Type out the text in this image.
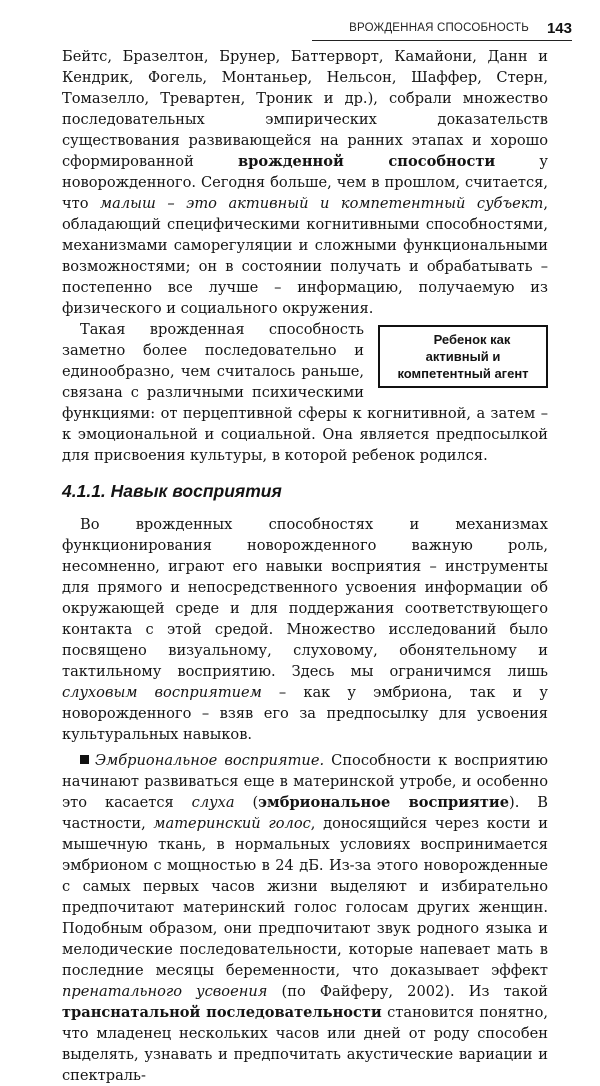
ВРОЖДЕННАЯ СПОСОБНОСТЬ 143

Бейтс, Бразелтон, Брунер, Баттерворт, Камайони, Данн и Кендрик, Фогель, Монтаньер, Нельсон, Шаффер, Стерн, Томазелло, Тревартен, Троник и др.), собрали множество последовательных эмпирических доказательств существования развивающейся на ранних этапах и хорошо сформированной врожденной способности у новорожденного. Сегодня больше, чем в прошлом, считается, что малыш – это активный и компетентный субъект, обладающий специфическими когнитивными способностями, механизмами саморегуляции и сложными функциональными возможностями; он в состоянии получать и обрабатывать – постепенно все лучше – информацию, получаемую из физического и социального окружения.

Ребенок как активный и компетентный агент
Такая врожденная способность заметно более последовательно и единообразно, чем считалось раньше, связана с различными психическими функциями: от перцептивной сферы к когнитивной, а затем – к эмоциональной и социальной. Она является предпосылкой для присвоения культуры, в которой ребенок родился.

4.1.1. Навык восприятия

Во врожденных способностях и механизмах функционирования новорожденного важную роль, несомненно, играют его навыки восприятия – инструменты для прямого и непосредственного усвоения информации об окружающей среде и для поддержания соответствующего контакта с этой средой. Множество исследований было посвящено визуальному, слуховому, обонятельному и тактильному восприятию. Здесь мы ограничимся лишь слуховым восприятием – как у эмбриона, так и у новорожденного – взяв его за предпосылку для усвоения культуральных навыков.

Эмбриональное восприятие. Способности к восприятию начинают развиваться еще в материнской утробе, и особенно это касается слуха (эмбриональное восприятие). В частности, материнский голос, доносящийся через кости и мышечную ткань, в нормальных условиях воспринимается эмбрионом с мощностью в 24 дБ. Из-за этого новорожденные с самых первых часов жизни выделяют и избирательно предпочитают материнский голос голосам других женщин. Подобным образом, они предпочитают звук родного языка и мелодические последовательности, которые напевает мать в последние месяцы беременности, что доказывает эффект пренатального усвоения (по Файферу, 2002). Из такой транснатальной последовательности становится понятно, что младенец нескольких часов или дней от роду способен выделять, узнавать и предпочитать акустические вариации и спектраль-
